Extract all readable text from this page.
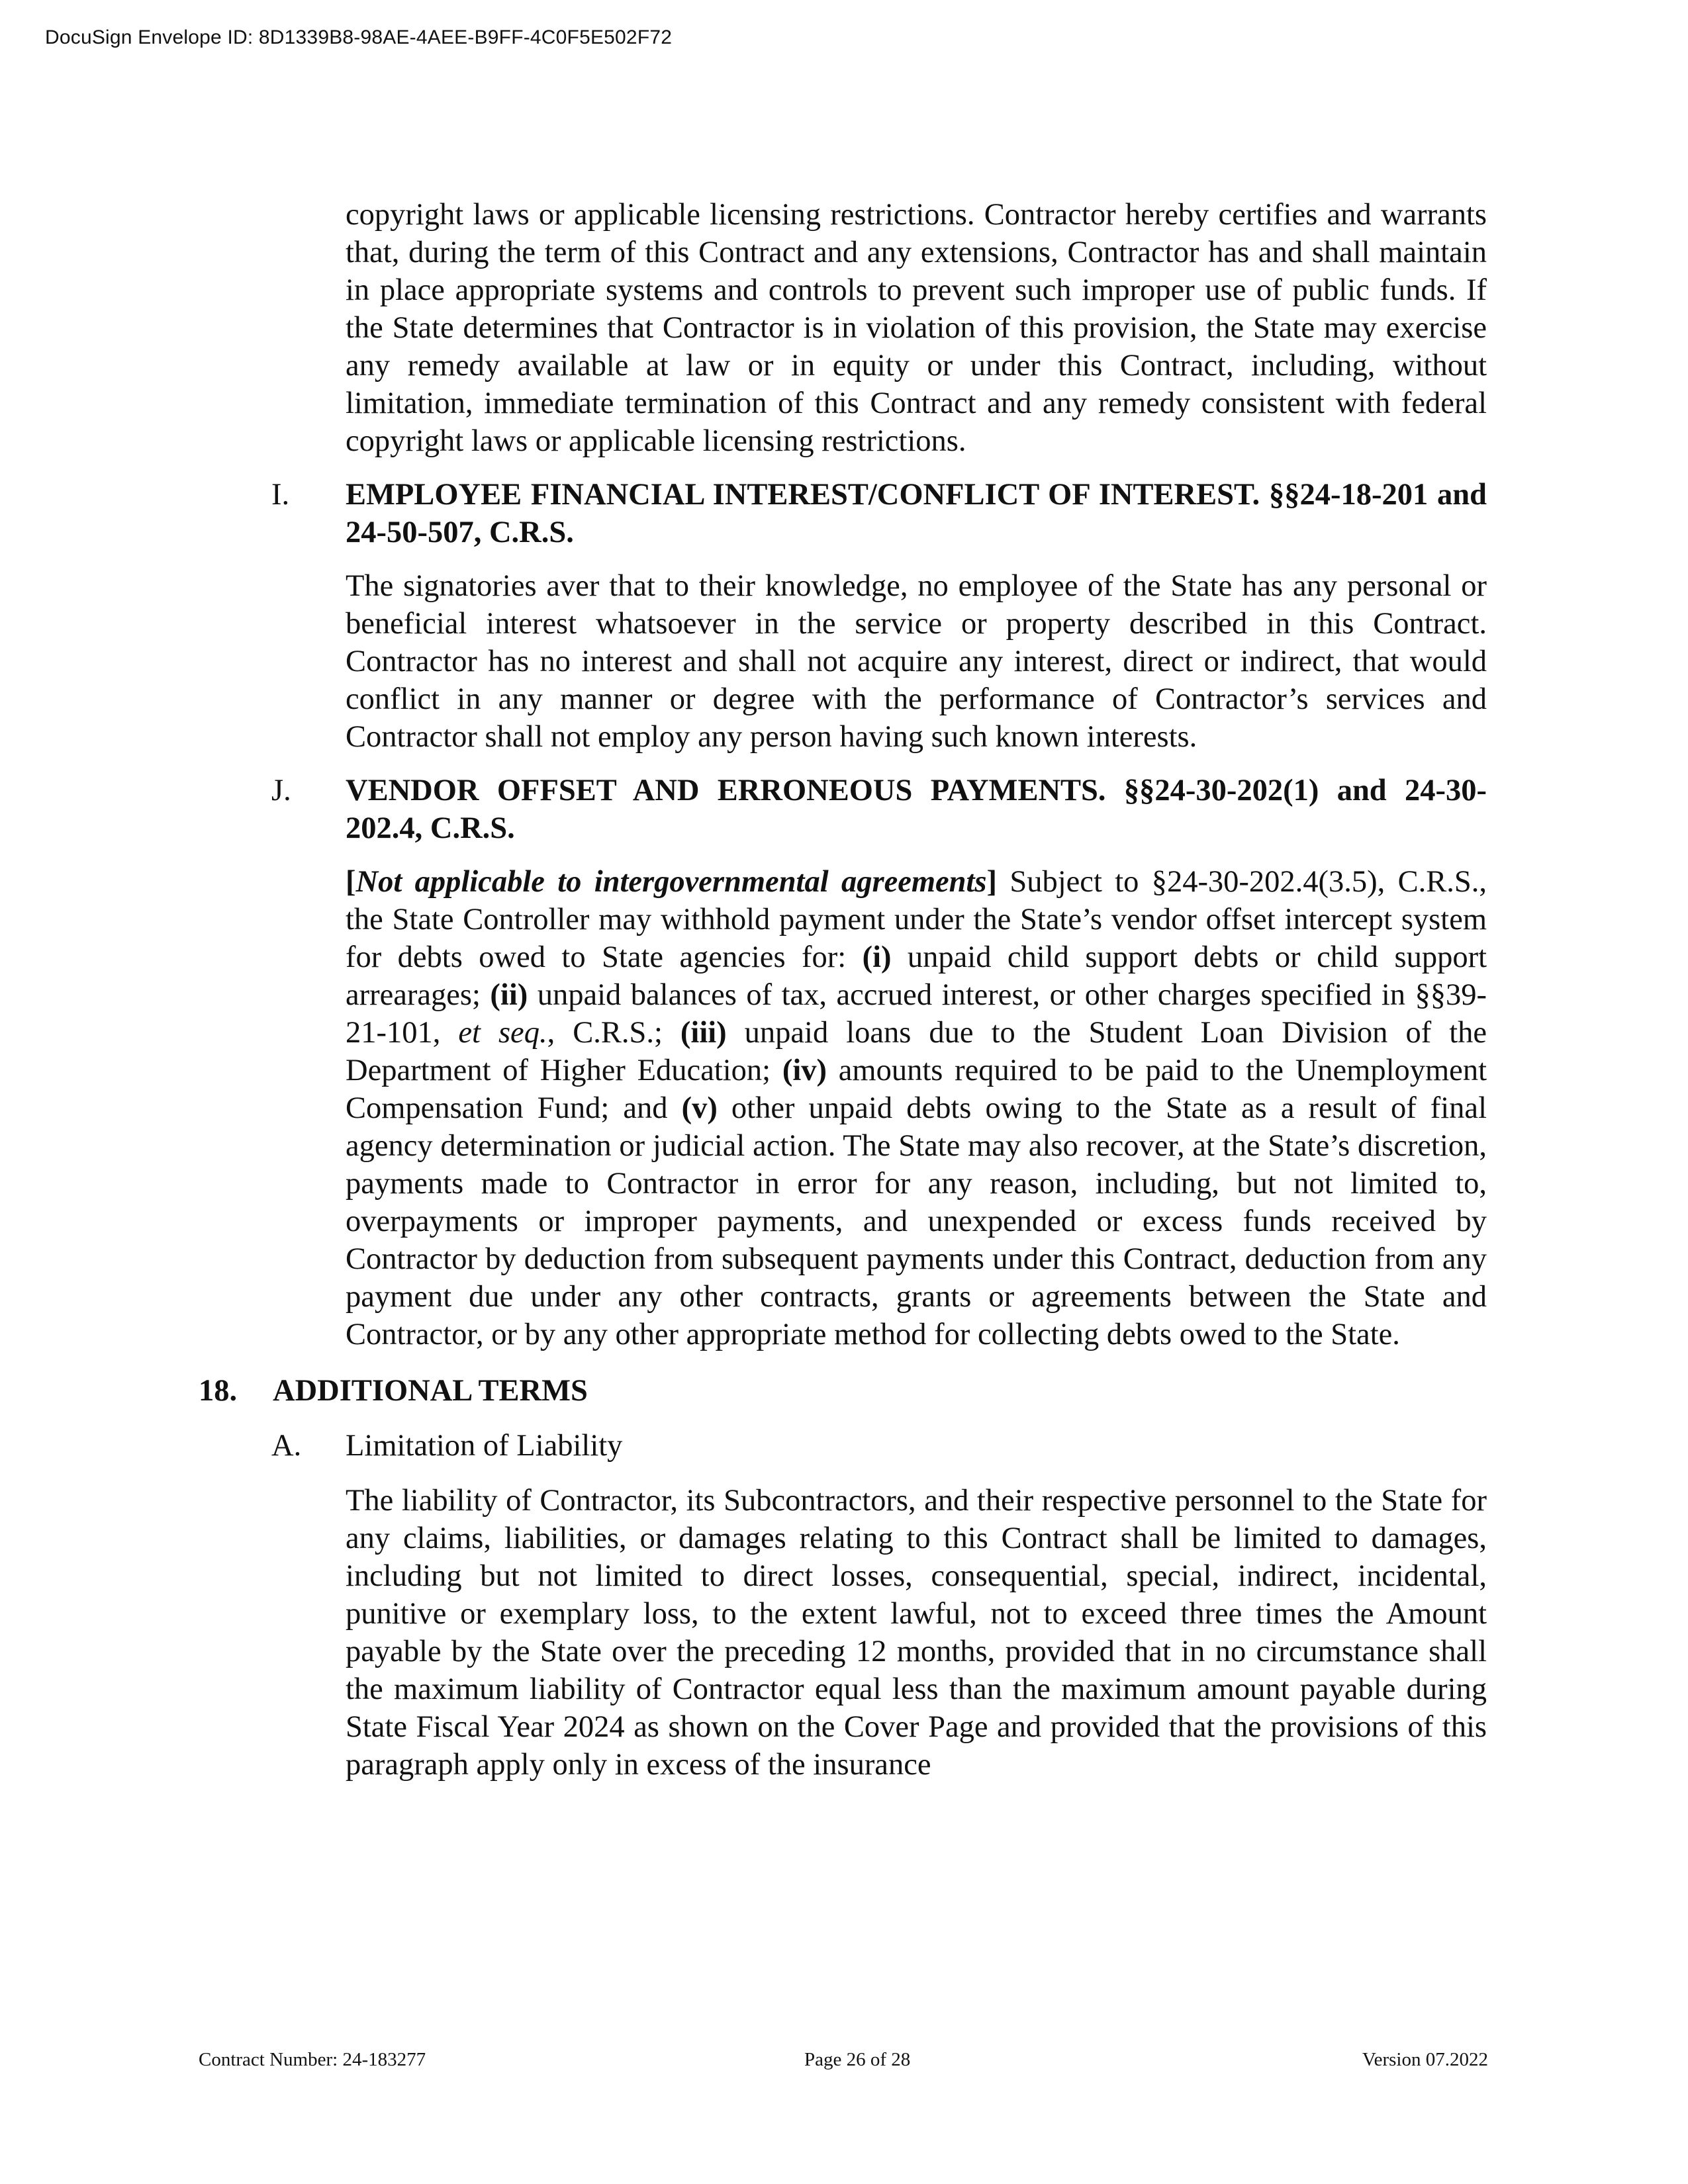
DocuSign Envelope ID: 8D1339B8-98AE-4AEE-B9FF-4C0F5E502F72

copyright laws or applicable licensing restrictions. Contractor hereby certifies and warrants that, during the term of this Contract and any extensions, Contractor has and shall maintain in place appropriate systems and controls to prevent such improper use of public funds. If the State determines that Contractor is in violation of this provision, the State may exercise any remedy available at law or in equity or under this Contract, including, without limitation, immediate termination of this Contract and any remedy consistent with federal copyright laws or applicable licensing restrictions.

I. EMPLOYEE FINANCIAL INTEREST/CONFLICT OF INTEREST. §§24-18-201 and 24-50-507, C.R.S.

The signatories aver that to their knowledge, no employee of the State has any personal or beneficial interest whatsoever in the service or property described in this Contract. Contractor has no interest and shall not acquire any interest, direct or indirect, that would conflict in any manner or degree with the performance of Contractor’s services and Contractor shall not employ any person having such known interests.

J. VENDOR OFFSET AND ERRONEOUS PAYMENTS. §§24-30-202(1) and 24-30-202.4, C.R.S.

[Not applicable to intergovernmental agreements] Subject to §24-30-202.4(3.5), C.R.S., the State Controller may withhold payment under the State’s vendor offset intercept system for debts owed to State agencies for: (i) unpaid child support debts or child support arrearages; (ii) unpaid balances of tax, accrued interest, or other charges specified in §§39-21-101, et seq., C.R.S.; (iii) unpaid loans due to the Student Loan Division of the Department of Higher Education; (iv) amounts required to be paid to the Unemployment Compensation Fund; and (v) other unpaid debts owing to the State as a result of final agency determination or judicial action. The State may also recover, at the State’s discretion, payments made to Contractor in error for any reason, including, but not limited to, overpayments or improper payments, and unexpended or excess funds received by Contractor by deduction from subsequent payments under this Contract, deduction from any payment due under any other contracts, grants or agreements between the State and Contractor, or by any other appropriate method for collecting debts owed to the State.

18. ADDITIONAL TERMS
A. Limitation of Liability

The liability of Contractor, its Subcontractors, and their respective personnel to the State for any claims, liabilities, or damages relating to this Contract shall be limited to damages, including but not limited to direct losses, consequential, special, indirect, incidental, punitive or exemplary loss, to the extent lawful, not to exceed three times the Amount payable by the State over the preceding 12 months, provided that in no circumstance shall the maximum liability of Contractor equal less than the maximum amount payable during State Fiscal Year 2024 as shown on the Cover Page and provided that the provisions of this paragraph apply only in excess of the insurance

Contract Number: 24-183277	Page 26 of 28	Version 07.2022
